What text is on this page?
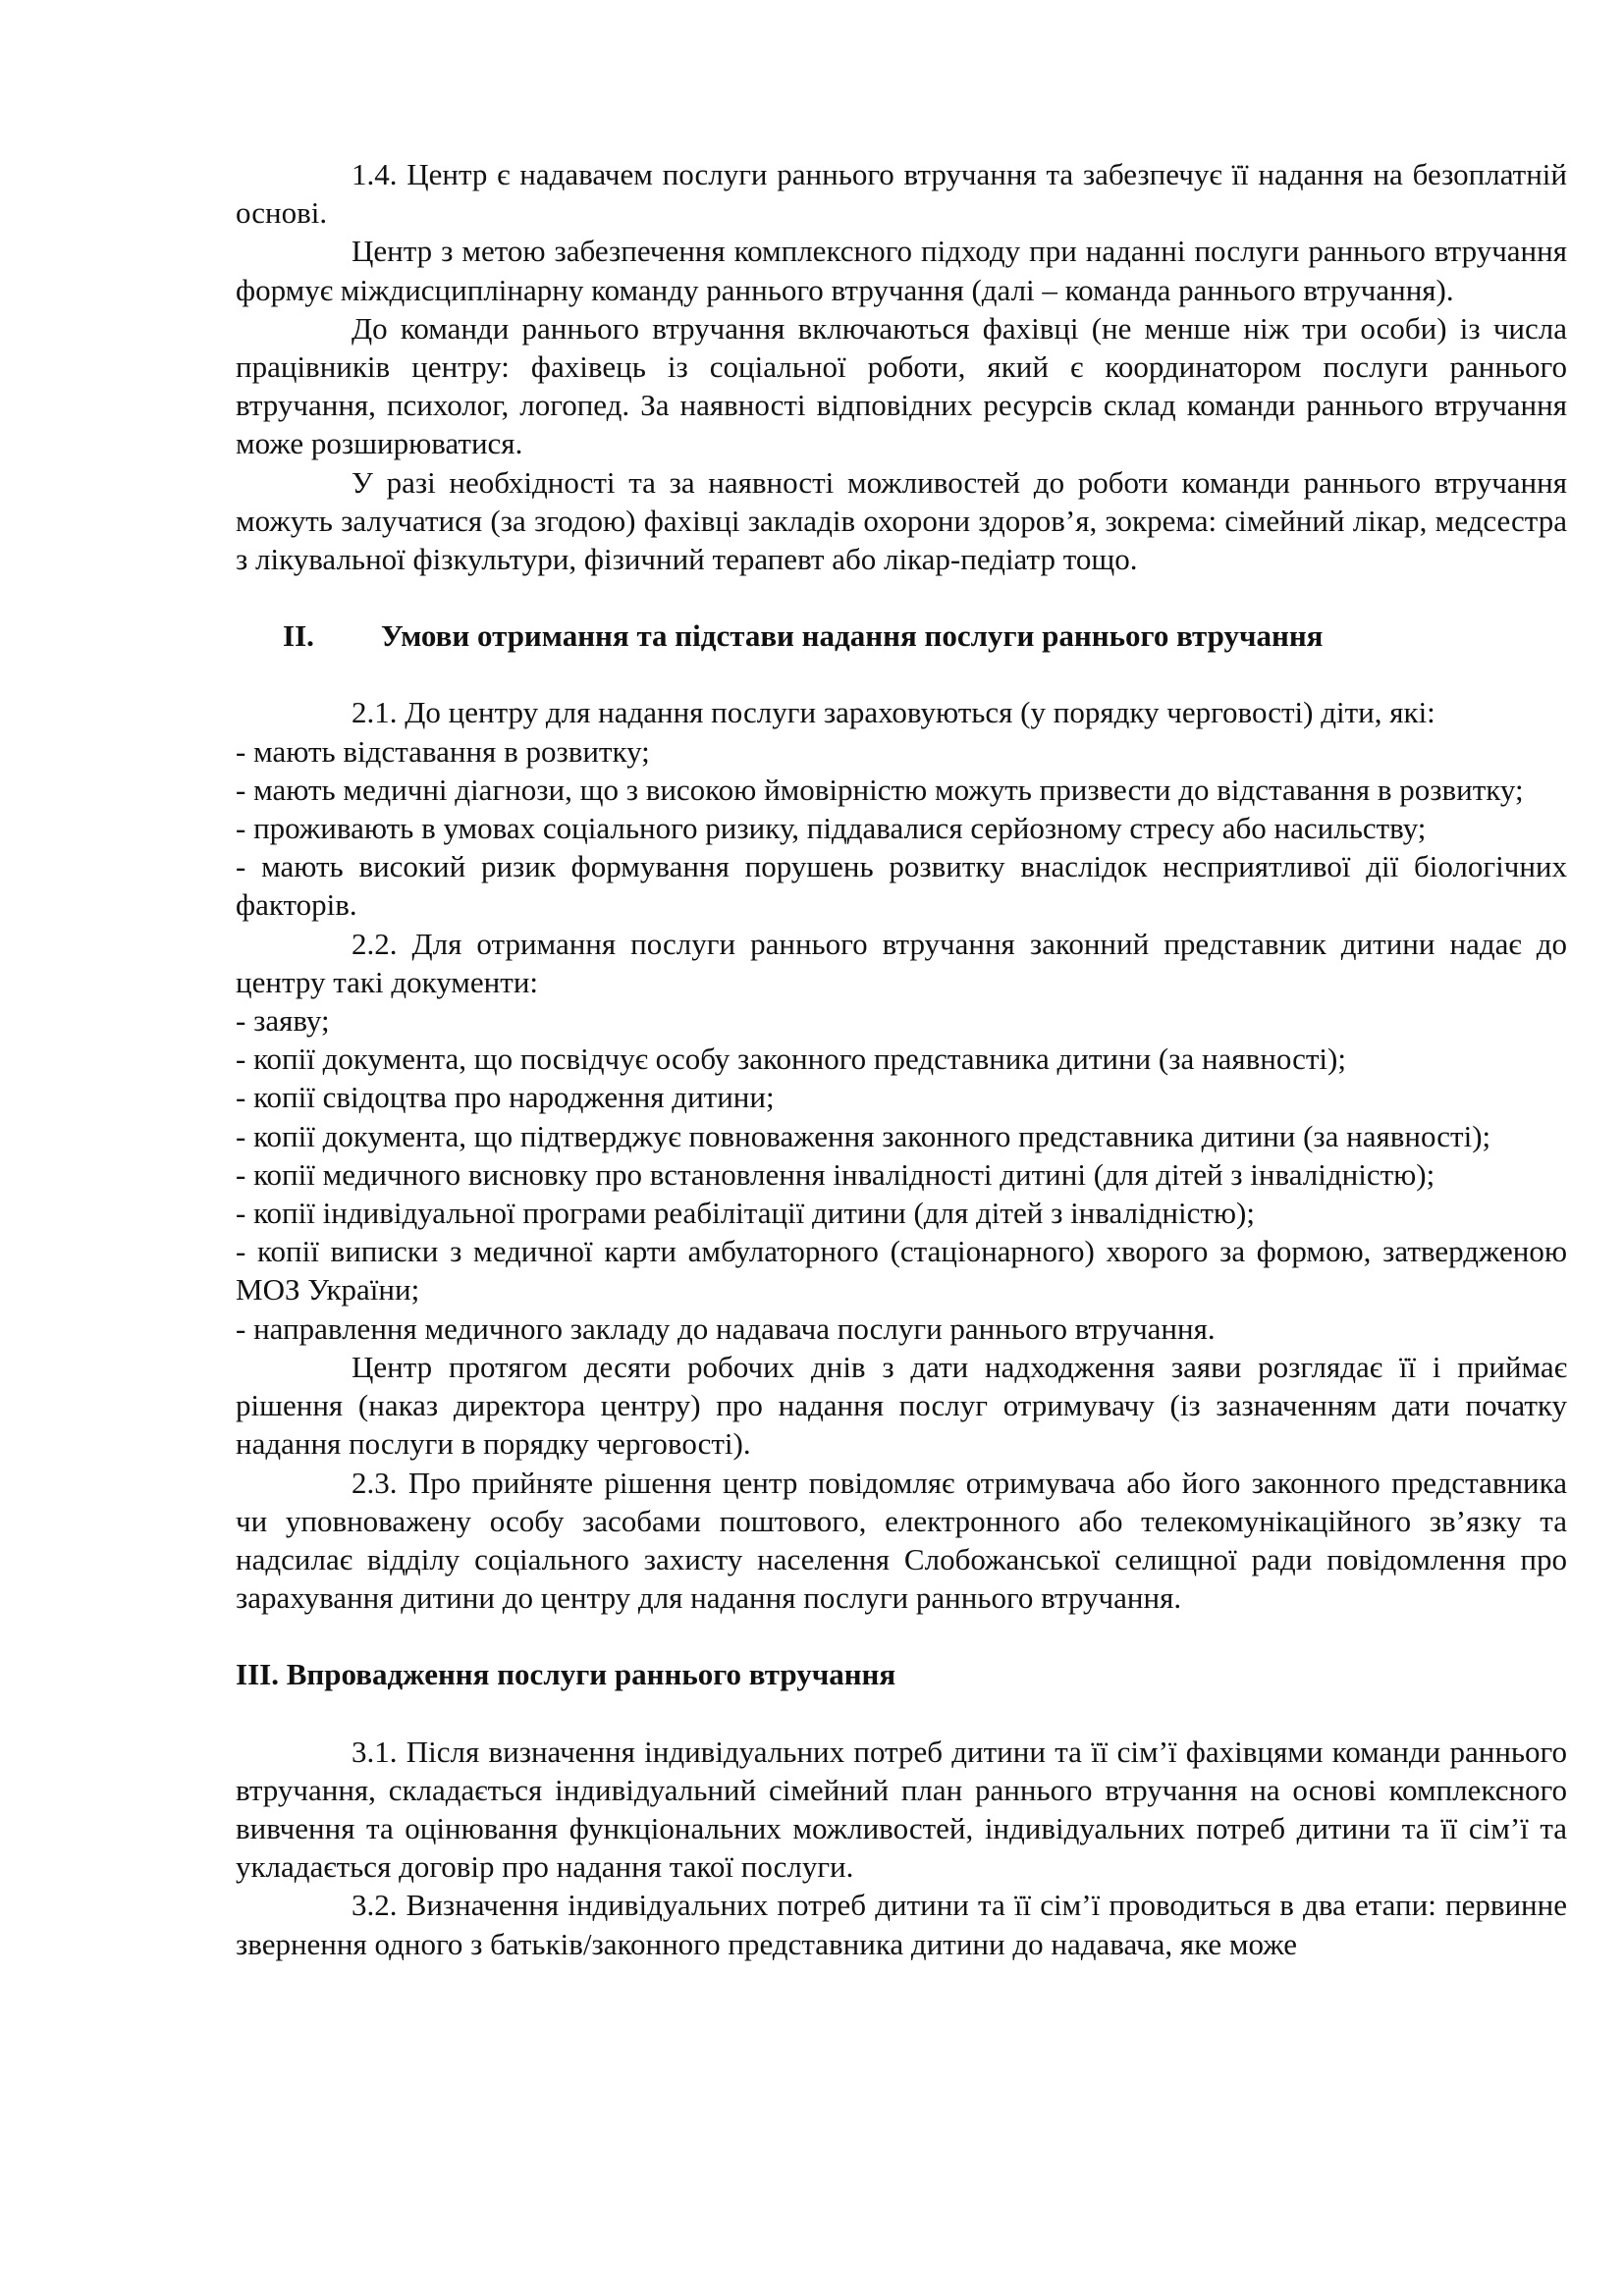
1.4. Центр є надавачем послуги раннього втручання та забезпечує її надання на безоплатній основі.

Центр з метою забезпечення комплексного підходу при наданні послуги раннього втручання формує міждисциплінарну команду раннього втручання (далі – команда раннього втручання).

До команди раннього втручання включаються фахівці (не менше ніж три особи) із числа працівників центру: фахівець із соціальної роботи, який є координатором послуги раннього втручання, психолог, логопед. За наявності відповідних ресурсів склад команди раннього втручання може розширюватися.

У разі необхідності та за наявності можливостей до роботи команди раннього втручання можуть залучатися (за згодою) фахівці закладів охорони здоров’я, зокрема: сімейний лікар, медсестра з лікувальної фізкультури, фізичний терапевт або лікар-педіатр тощо.

II.	Умови отримання та підстави надання послуги раннього втручання

2.1. До центру для надання послуги зараховуються (у порядку черговості) діти, які:

- мають відставання в розвитку;

- мають медичні діагнози, що з високою ймовірністю можуть призвести до відставання в розвитку;

- проживають в умовах соціального ризику, піддавалися серйозному стресу або насильству;

- мають високий ризик формування порушень розвитку внаслідок несприятливої дії біологічних факторів.

2.2. Для отримання послуги раннього втручання законний представник дитини надає до центру такі документи:

- заяву;

- копії документа, що посвідчує особу законного представника дитини (за наявності);

- копії свідоцтва про народження дитини;

- копії документа, що підтверджує повноваження законного представника дитини (за наявності);

- копії медичного висновку про встановлення інвалідності дитині (для дітей з інвалідністю);

- копії індивідуальної програми реабілітації дитини (для дітей з інвалідністю);

- копії виписки з медичної карти амбулаторного (стаціонарного) хворого за формою, затвердженою МОЗ України;

- направлення медичного закладу до надавача послуги раннього втручання.

Центр протягом десяти робочих днів з дати надходження заяви розглядає її і приймає рішення (наказ директора центру) про надання послуг отримувачу (із зазначенням дати початку надання послуги в порядку черговості).

2.3. Про прийняте рішення центр повідомляє отримувача або його законного представника чи уповноважену особу засобами поштового, електронного або телекомунікаційного зв’язку та надсилає відділу соціального захисту населення Слобожанської селищної ради повідомлення про зарахування дитини до центру для надання послуги раннього втручання.

III. Впровадження послуги раннього втручання

3.1. Після визначення індивідуальних потреб дитини та її сім’ї фахівцями команди раннього втручання, складається індивідуальний сімейний план раннього втручання на основі комплексного вивчення та оцінювання функціональних можливостей, індивідуальних потреб дитини та її сім’ї та укладається договір про надання такої послуги.

3.2. Визначення індивідуальних потреб дитини та її сім’ї проводиться в два етапи: первинне звернення одного з батьків/законного представника дитини до надавача, яке може
